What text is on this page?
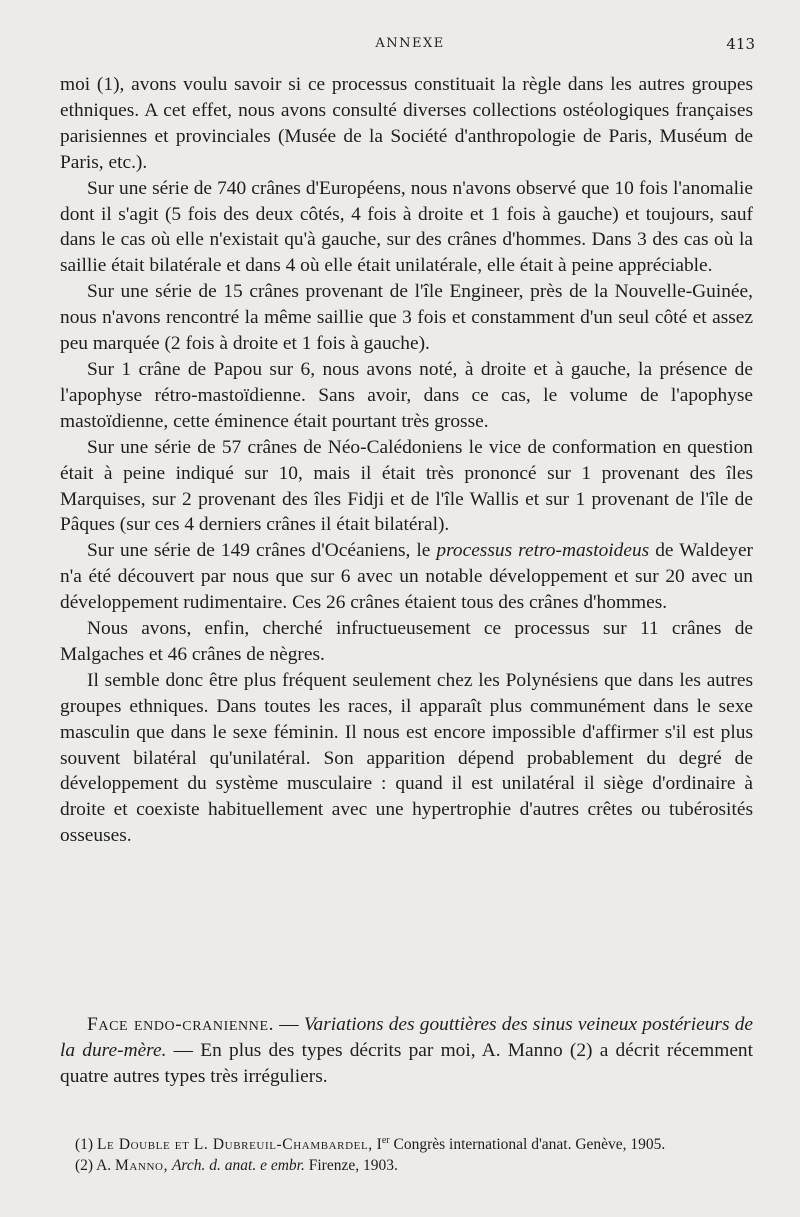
ANNEXE	413

moi (1), avons voulu savoir si ce processus constituait la règle dans les autres groupes ethniques. A cet effet, nous avons consulté diverses collections ostéologiques françaises parisiennes et provinciales (Musée de la Société d'anthropologie de Paris, Muséum de Paris, etc.).

Sur une série de 740 crânes d'Européens, nous n'avons observé que 10 fois l'anomalie dont il s'agit (5 fois des deux côtés, 4 fois à droite et 1 fois à gauche) et toujours, sauf dans le cas où elle n'existait qu'à gauche, sur des crânes d'hommes. Dans 3 des cas où la saillie était bilatérale et dans 4 où elle était unilatérale, elle était à peine appréciable.

Sur une série de 15 crânes provenant de l'île Engineer, près de la Nouvelle-Guinée, nous n'avons rencontré la même saillie que 3 fois et constamment d'un seul côté et assez peu marquée (2 fois à droite et 1 fois à gauche).

Sur 1 crâne de Papou sur 6, nous avons noté, à droite et à gauche, la présence de l'apophyse rétro-mastoïdienne. Sans avoir, dans ce cas, le volume de l'apophyse mastoïdienne, cette éminence était pourtant très grosse.

Sur une série de 57 crânes de Néo-Calédoniens le vice de conformation en question était à peine indiqué sur 10, mais il était très prononcé sur 1 provenant des îles Marquises, sur 2 provenant des îles Fidji et de l'île Wallis et sur 1 provenant de l'île de Pâques (sur ces 4 derniers crânes il était bilatéral).

Sur une série de 149 crânes d'Océaniens, le processus retro-mastoideus de Waldeyer n'a été découvert par nous que sur 6 avec un notable développement et sur 20 avec un développement rudimentaire. Ces 26 crânes étaient tous des crânes d'hommes.

Nous avons, enfin, cherché infructueusement ce processus sur 11 crânes de Malgaches et 46 crânes de nègres.

Il semble donc être plus fréquent seulement chez les Polynésiens que dans les autres groupes ethniques. Dans toutes les races, il apparaît plus communément dans le sexe masculin que dans le sexe féminin. Il nous est encore impossible d'affirmer s'il est plus souvent bilatéral qu'unilatéral. Son apparition dépend probablement du degré de développement du système musculaire : quand il est unilatéral il siège d'ordinaire à droite et coexiste habituellement avec une hypertrophie d'autres crêtes ou tubérosités osseuses.

Face endo-cranienne. — Variations des gouttières des sinus veineux postérieurs de la dure-mère. — En plus des types décrits par moi, A. Manno (2) a décrit récemment quatre autres types très irréguliers.

(1) Le Double et L. Dubreuil-Chambardel, Ier Congrès international d'anat. Genève, 1905.

(2) A. Manno, Arch. d. anat. e embr. Firenze, 1903.
